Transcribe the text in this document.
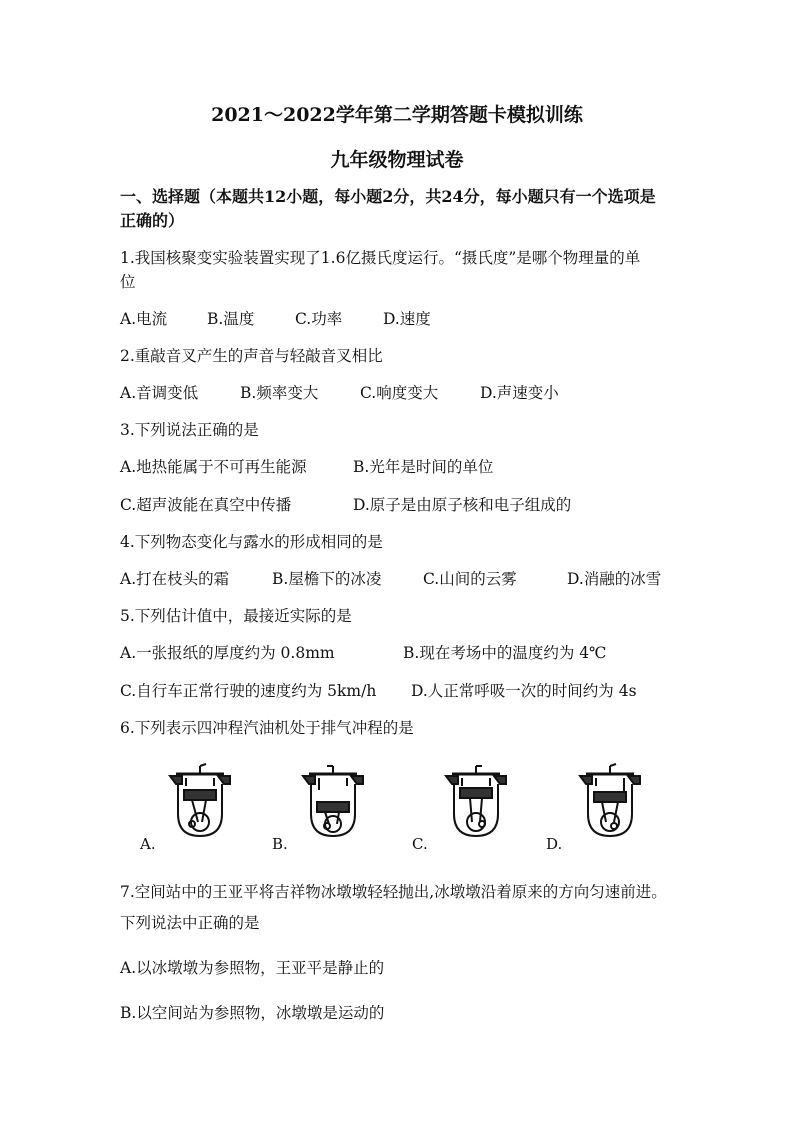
2021～2022学年第二学期答题卡模拟训练
九年级物理试卷
一、选择题（本题共12小题，每小题2分，共24分，每小题只有一个选项是
正确的）
1.我国核聚变实验装置实现了1.6亿摄氏度运行。“摄氏度”是哪个物理量的单
位
A.电流	B.温度	C.功率	D.速度
2.重敲音叉产生的声音与轻敲音叉相比
A.音调变低	B.频率变大	C.响度变大	D.声速变小
3.下列说法正确的是
A.地热能属于不可再生能源	B.光年是时间的单位
C.超声波能在真空中传播	D.原子是由原子核和电子组成的
4.下列物态变化与露水的形成相同的是
A.打在枝头的霜	B.屋檐下的冰凌	C.山间的云雾	D.消融的冰雪
5.下列估计值中，最接近实际的是
A.一张报纸的厚度约为 0.8mm	B.现在考场中的温度约为 4℃
C.自行车正常行驶的速度约为 5km/h D.人正常呼吸一次的时间约为 4s
6.下列表示四冲程汽油机处于排气冲程的是
A.	B.	C.	D.
7.空间站中的王亚平将吉祥物冰墩墩轻轻抛出,冰墩墩沿着原来的方向匀速前进。
下列说法中正确的是
A.以冰墩墩为参照物，王亚平是静止的
B.以空间站为参照物，冰墩墩是运动的
